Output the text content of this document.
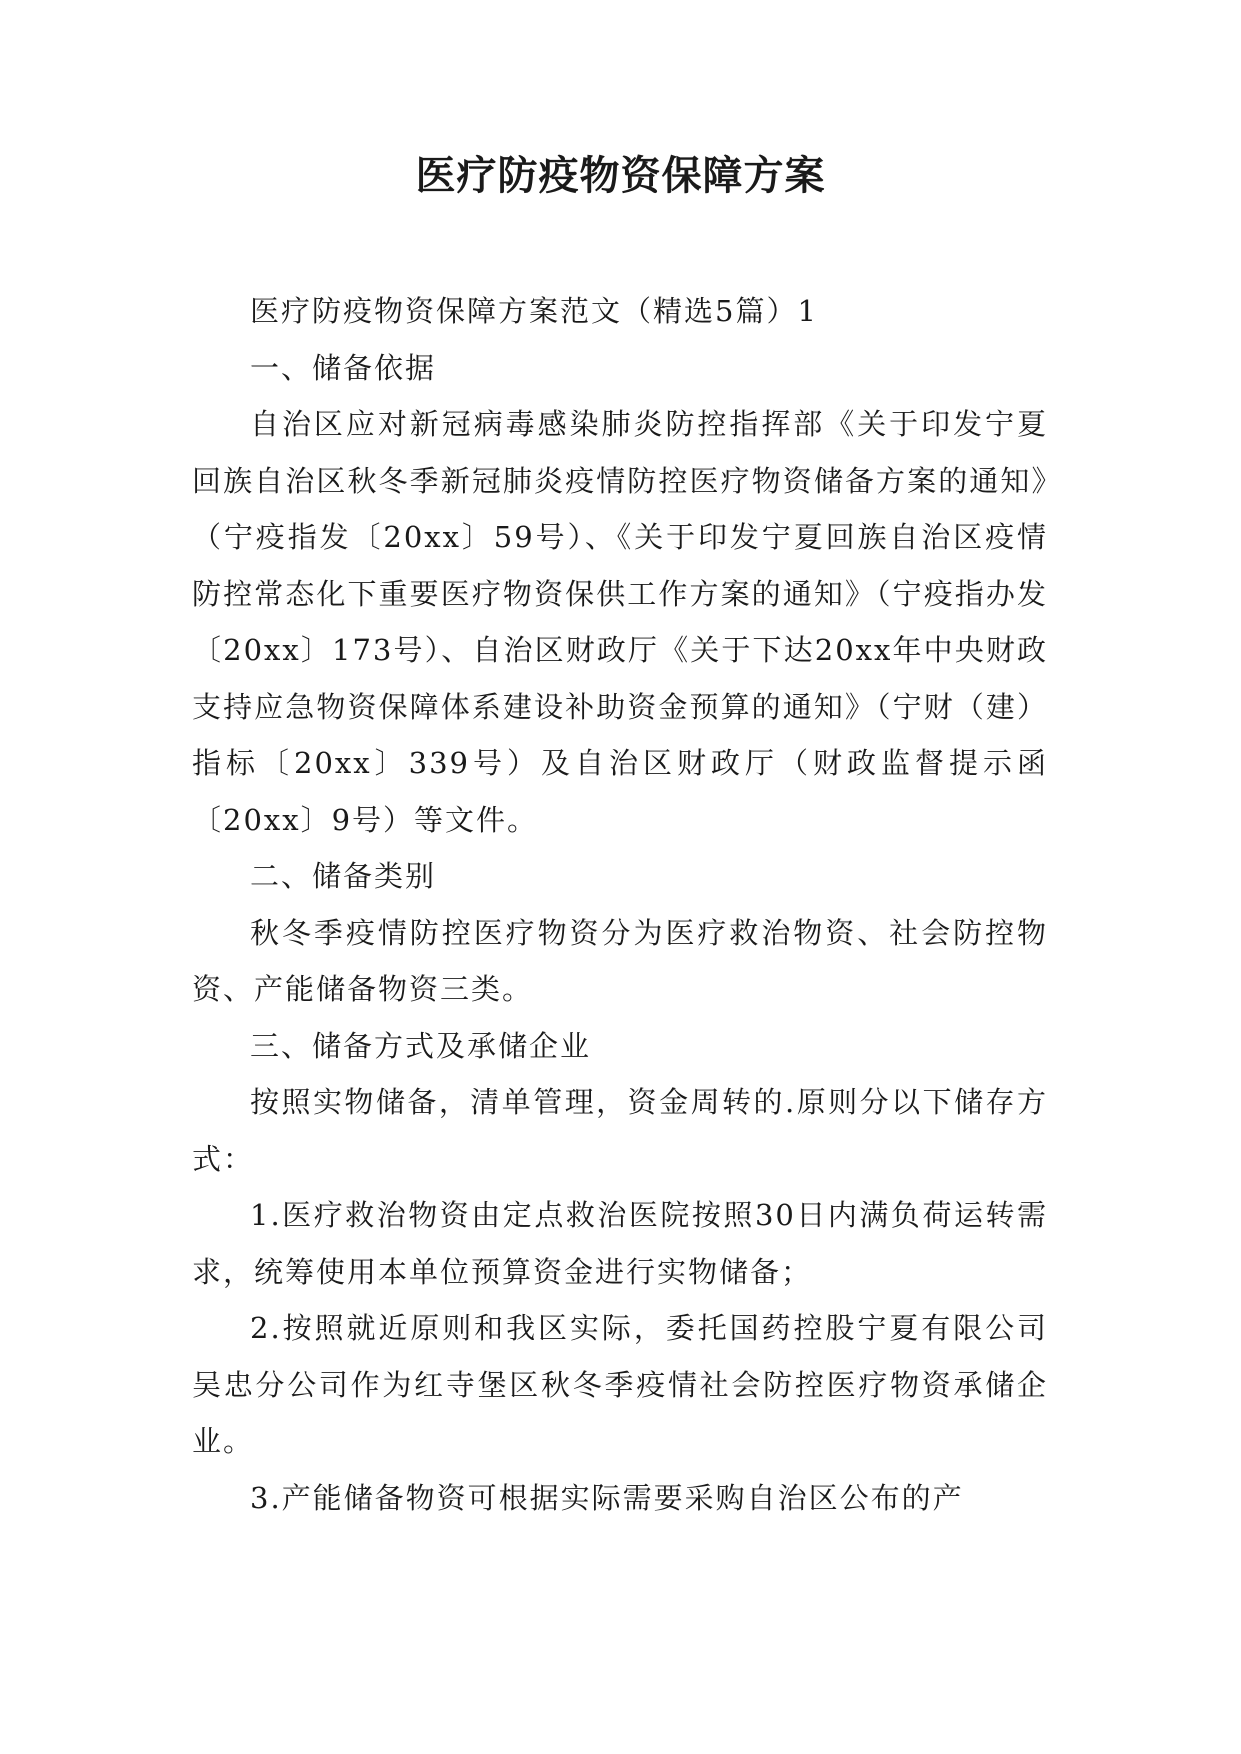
医疗防疫物资保障方案

医疗防疫物资保障方案范文（精选5篇）1

一、储备依据

自治区应对新冠病毒感染肺炎防控指挥部《关于印发宁夏回族自治区秋冬季新冠肺炎疫情防控医疗物资储备方案的通知》（宁疫指发〔20xx〕59号）、《关于印发宁夏回族自治区疫情防控常态化下重要医疗物资保供工作方案的通知》（宁疫指办发〔20xx〕173号）、自治区财政厅《关于下达20xx年中央财政支持应急物资保障体系建设补助资金预算的通知》（宁财（建）指标〔20xx〕339号）及自治区财政厅（财政监督提示函〔20xx〕9号）等文件。

二、储备类别

秋冬季疫情防控医疗物资分为医疗救治物资、社会防控物资、产能储备物资三类。

三、储备方式及承储企业

按照实物储备，清单管理，资金周转的.原则分以下储存方式：

1.医疗救治物资由定点救治医院按照30日内满负荷运转需求，统筹使用本单位预算资金进行实物储备；

2.按照就近原则和我区实际，委托国药控股宁夏有限公司吴忠分公司作为红寺堡区秋冬季疫情社会防控医疗物资承储企业。

3.产能储备物资可根据实际需要采购自治区公布的产
